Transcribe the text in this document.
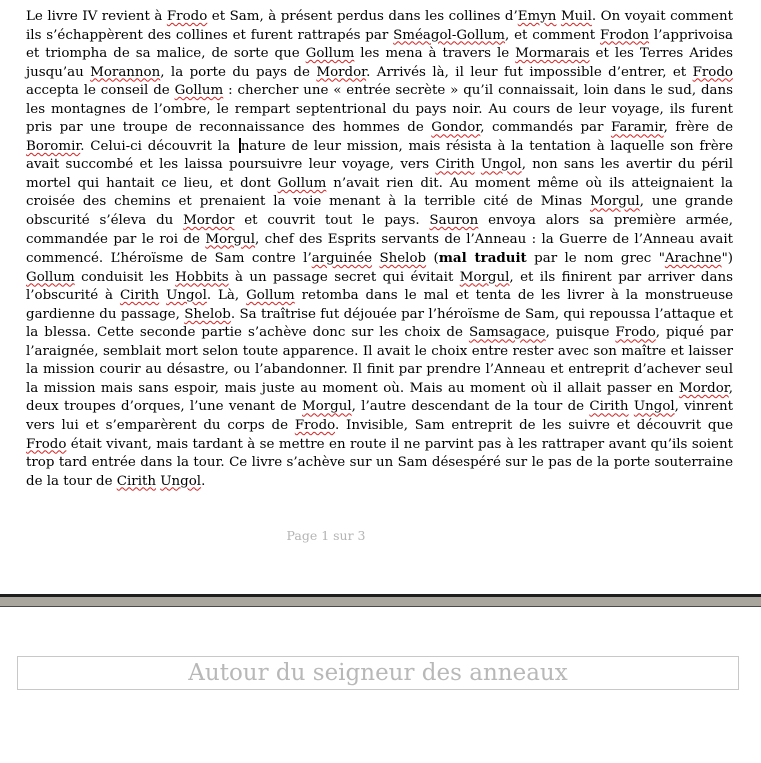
Le livre IV revient à Frodo et Sam, à présent perdus dans les collines d’Emyn Muil. On voyait comment ils s’échappèrent des collines et furent rattrapés par Sméagol-Gollum, et comment Frodon l’apprivoisa et triompha de sa malice, de sorte que Gollum les mena à travers le Mormarais et les Terres Arides jusqu’au Morannon, la porte du pays de Mordor. Arrivés là, il leur fut impossible d’entrer, et Frodo accepta le conseil de Gollum : chercher une « entrée secrète » qu’il connaissait, loin dans le sud, dans les montagnes de l’ombre, le rempart septentrional du pays noir. Au cours de leur voyage, ils furent pris par une troupe de reconnaissance des hommes de Gondor, commandés par Faramir, frère de Boromir. Celui-ci découvrit la nature de leur mission, mais résista à la tentation à laquelle son frère avait succombé et les laissa poursuivre leur voyage, vers Cirith Ungol, non sans les avertir du péril mortel qui hantait ce lieu, et dont Gollum n’avait rien dit. Au moment même où ils atteignaient la croisée des chemins et prenaient la voie menant à la terrible cité de Minas Morgul, une grande obscurité s’éleva du Mordor et couvrit tout le pays. Sauron envoya alors sa première armée, commandée par le roi de Morgul, chef des Esprits servants de l’Anneau : la Guerre de l’Anneau avait commencé. L’héroïsme de Sam contre l’arguinée Shelob (mal traduit par le nom grec "Arachne") Gollum conduisit les Hobbits à un passage secret qui évitait Morgul, et ils finirent par arriver dans l’obscurité à Cirith Ungol. Là, Gollum retomba dans le mal et tenta de les livrer à la monstrueuse gardienne du passage, Shelob. Sa traîtrise fut déjouée par l’héroïsme de Sam, qui repoussa l’attaque et la blessa. Cette seconde partie s’achève donc sur les choix de Samsagace, puisque Frodo, piqué par l’araignée, semblait mort selon toute apparence. Il avait le choix entre rester avec son maître et laisser la mission courir au désastre, ou l’abandonner. Il finit par prendre l’Anneau et entreprit d’achever seul la mission mais sans espoir, mais juste au moment où. Mais au moment où il allait passer en Mordor, deux troupes d’orques, l’une venant de Morgul, l’autre descendant de la tour de Cirith Ungol, vinrent vers lui et s’emparèrent du corps de Frodo. Invisible, Sam entreprit de les suivre et découvrit que Frodo était vivant, mais tardant à se mettre en route il ne parvint pas à les rattraper avant qu’ils soient trop tard entrée dans la tour. Ce livre s’achève sur un Sam désespéré sur le pas de la porte souterraine de la tour de Cirith Ungol.

Page 1 sur 3
Autour du seigneur des anneaux
